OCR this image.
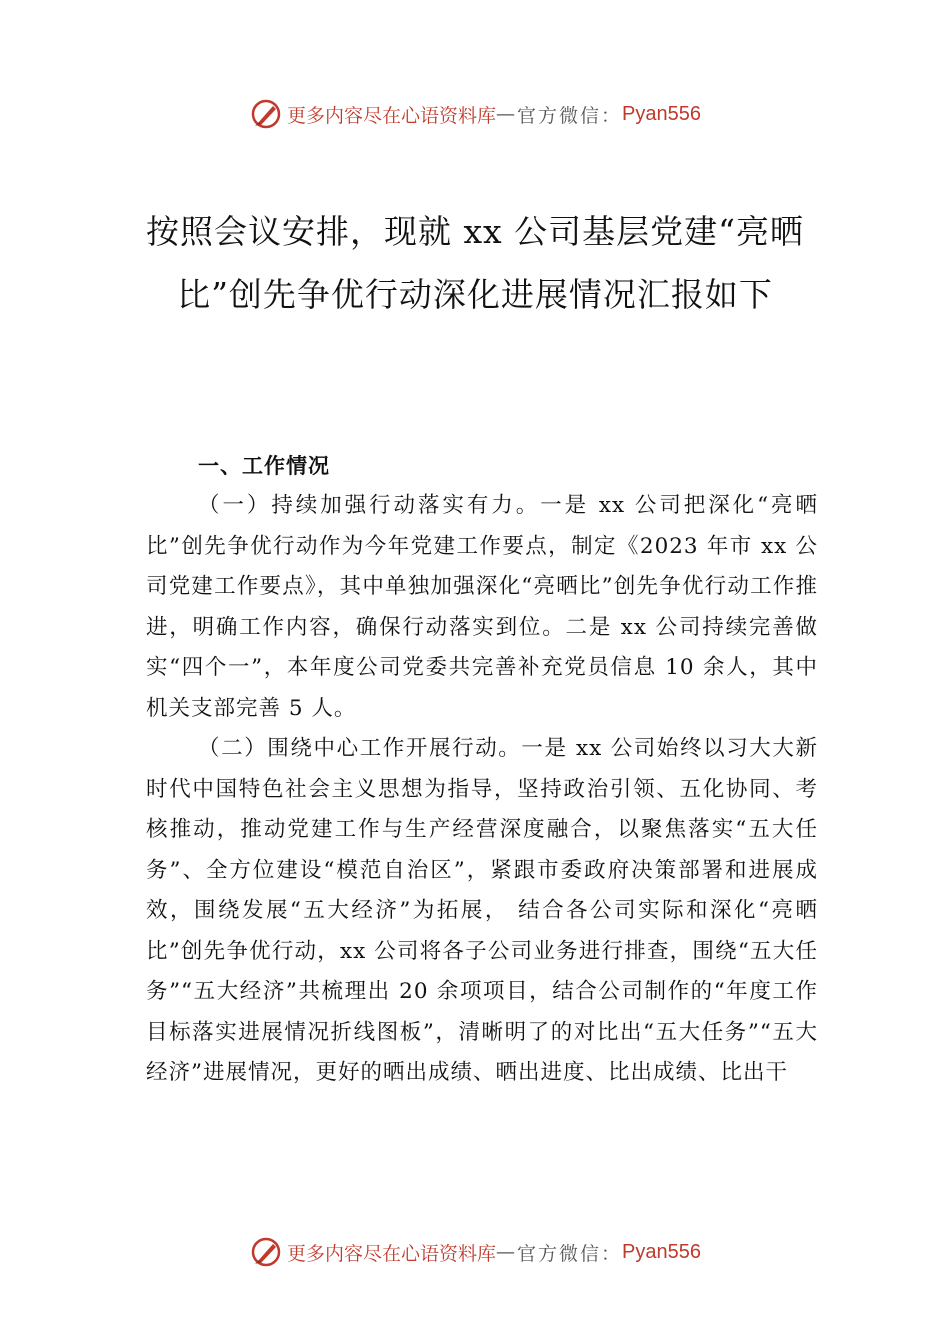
更多内容尽在心语资料库 — 官方微信： Pyan556
按照会议安排，现就 xx 公司基层党建“亮晒比”创先争优行动深化进展情况汇报如下

一、工作情况

（一）持续加强行动落实有力。一是 xx 公司把深化“亮晒比”创先争优行动作为今年党建工作要点，制定《2023 年市 xx 公司党建工作要点》，其中单独加强深化“亮晒比”创先争优行动工作推进，明确工作内容，确保行动落实到位。二是 xx 公司持续完善做实“四个一”，本年度公司党委共完善补充党员信息 10 余人，其中机关支部完善 5 人。

（二）围绕中心工作开展行动。一是 xx 公司始终以习大大新时代中国特色社会主义思想为指导，坚持政治引领、五化协同、考核推动，推动党建工作与生产经营深度融合，以聚焦落实“五大任务”、全方位建设“模范自治区”，紧跟市委政府决策部署和进展成效，围绕发展“五大经济”为拓展， 结合各公司实际和深化“亮晒比”创先争优行动，xx 公司将各子公司业务进行排查，围绕“五大任务”“五大经济”共梳理出 20 余项项目，结合公司制作的“年度工作目标落实进展情况折线图板”，清晰明了的对比出“五大任务”“五大经济”进展情况，更好的晒出成绩、晒出进度、比出成绩、比出干

更多内容尽在心语资料库 — 官方微信： Pyan556
